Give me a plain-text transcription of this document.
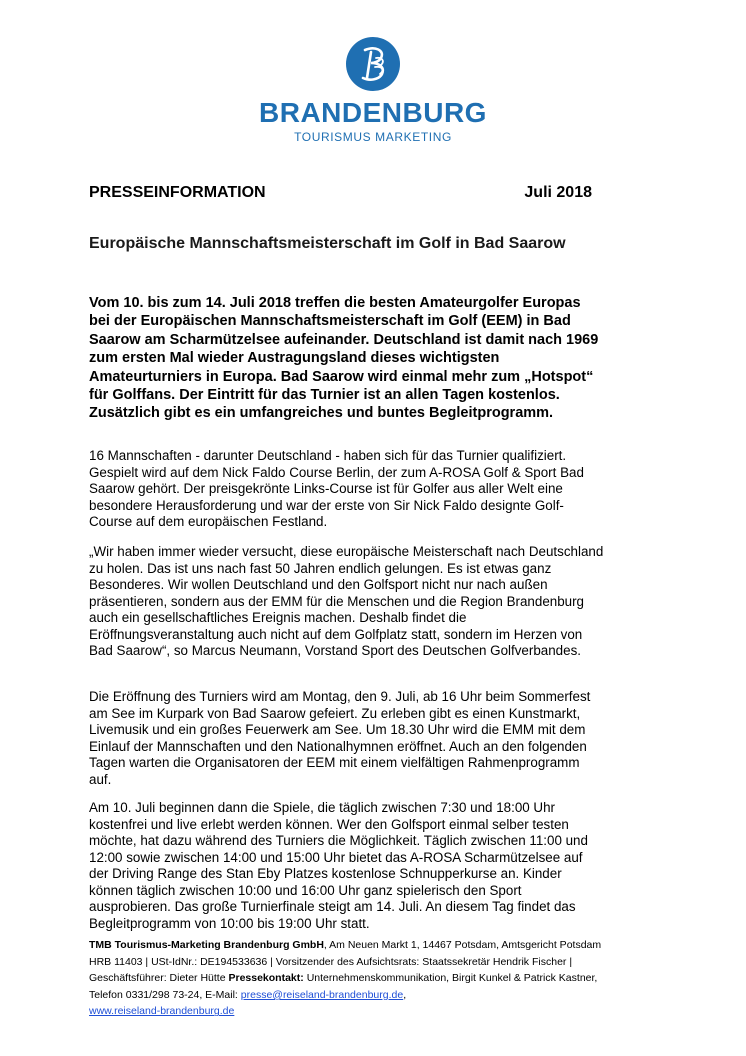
BRANDENBURG
TOURISMUS MARKETING
PRESSEINFORMATION	Juli 2018
Europäische Mannschaftsmeisterschaft im Golf in Bad Saarow
Vom 10. bis zum 14. Juli 2018 treffen die besten Amateurgolfer Europas bei der Europäischen Mannschaftsmeisterschaft im Golf (EEM) in Bad Saarow am Scharmützelsee aufeinander. Deutschland ist damit nach 1969 zum ersten Mal wieder Austragungsland dieses wichtigsten Amateurturniers in Europa. Bad Saarow wird einmal mehr zum „Hotspot“ für Golffans. Der Eintritt für das Turnier ist an allen Tagen kostenlos. Zusätzlich gibt es ein umfangreiches und buntes Begleitprogramm.
16 Mannschaften - darunter Deutschland - haben sich für das Turnier qualifiziert. Gespielt wird auf dem Nick Faldo Course Berlin, der zum A-ROSA Golf & Sport Bad Saarow gehört. Der preisgekrönte Links-Course ist für Golfer aus aller Welt eine besondere Herausforderung und war der erste von Sir Nick Faldo designte Golf-Course auf dem europäischen Festland.
„Wir haben immer wieder versucht, diese europäische Meisterschaft nach Deutschland zu holen. Das ist uns nach fast 50 Jahren endlich gelungen. Es ist etwas ganz Besonderes. Wir wollen Deutschland und den Golfsport nicht nur nach außen präsentieren, sondern aus der EMM für die Menschen und die Region Brandenburg auch ein gesellschaftliches Ereignis machen. Deshalb findet die Eröffnungsveranstaltung auch nicht auf dem Golfplatz statt, sondern im Herzen von Bad Saarow“, so Marcus Neumann, Vorstand Sport des Deutschen Golfverbandes.
Die Eröffnung des Turniers wird am Montag, den 9. Juli, ab 16 Uhr beim Sommerfest am See im Kurpark von Bad Saarow gefeiert. Zu erleben gibt es einen Kunstmarkt, Livemusik und ein großes Feuerwerk am See. Um 18.30 Uhr wird die EMM mit dem Einlauf der Mannschaften und den Nationalhymnen eröffnet. Auch an den folgenden Tagen warten die Organisatoren der EEM mit einem vielfältigen Rahmenprogramm auf.
Am 10. Juli beginnen dann die Spiele, die täglich zwischen 7:30 und 18:00 Uhr kostenfrei und live erlebt werden können. Wer den Golfsport einmal selber testen möchte, hat dazu während des Turniers die Möglichkeit. Täglich zwischen 11:00 und 12:00 sowie zwischen 14:00 und 15:00 Uhr bietet das A-ROSA Scharmützelsee auf der Driving Range des Stan Eby Platzes kostenlose Schnupperkurse an. Kinder können täglich zwischen 10:00 und 16:00 Uhr ganz spielerisch den Sport ausprobieren. Das große Turnierfinale steigt am 14. Juli. An diesem Tag findet das Begleitprogramm von 10:00 bis 19:00 Uhr statt.
TMB Tourismus-Marketing Brandenburg GmbH, Am Neuen Markt 1, 14467 Potsdam, Amtsgericht Potsdam HRB 11403 | USt-IdNr.: DE194533636 | Vorsitzender des Aufsichtsrats: Staatssekretär Hendrik Fischer | Geschäftsführer: Dieter Hütte Pressekontakt: Unternehmenskommunikation, Birgit Kunkel & Patrick Kastner, Telefon 0331/298 73-24, E-Mail: presse@reiseland-brandenburg.de,
www.reiseland-brandenburg.de
